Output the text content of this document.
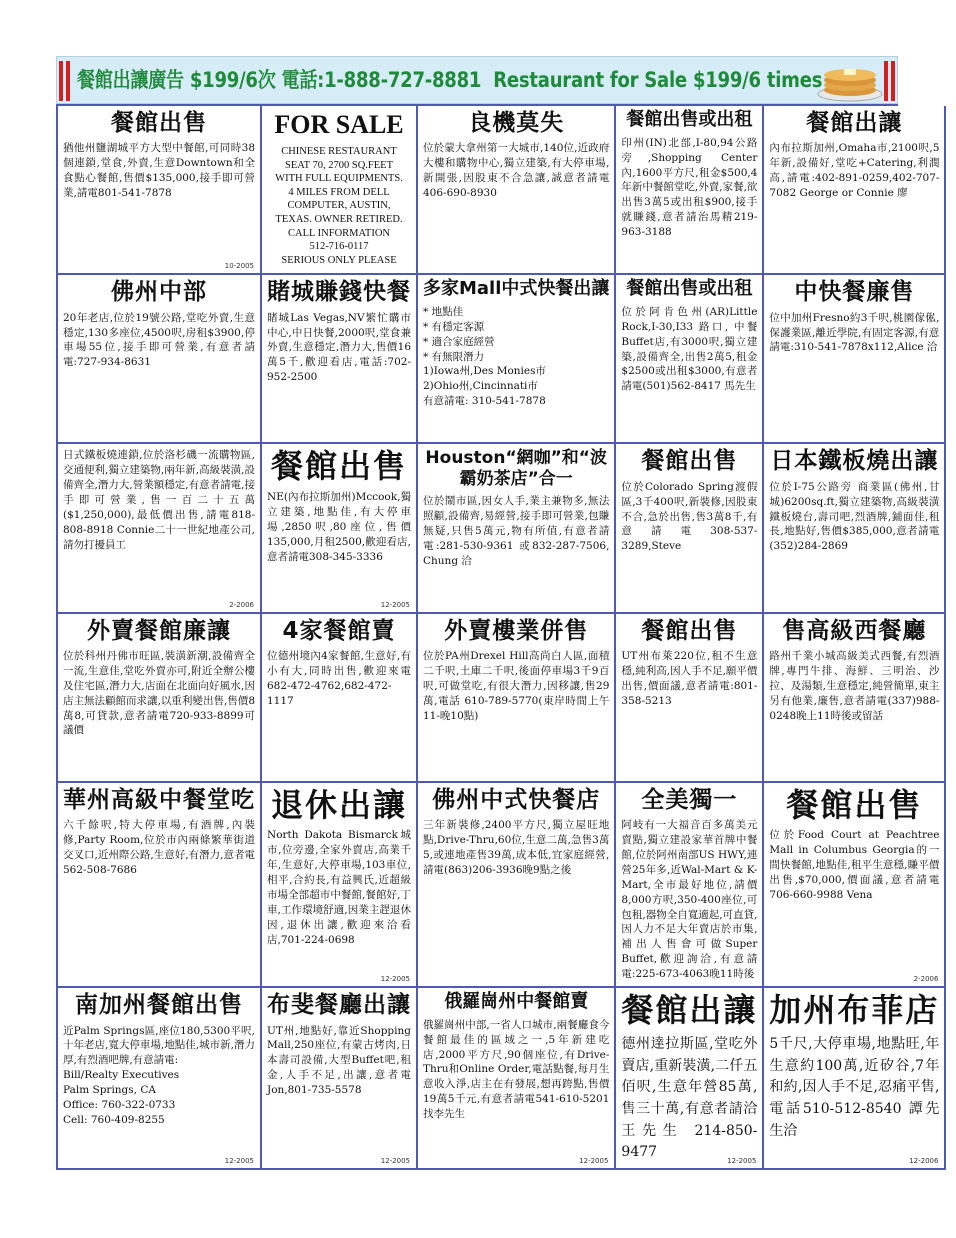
餐館出讓廣告 $199/6次 電話:1-888-727-8881 Restaurant for Sale $199/6 times
餐館出售
猶他州鹽湖城平方大型中餐館,可同時38個連鎖,堂食,外賣,生意Downtown和全食點心餐館,售價$135,000,接手即可營業,請電801-541-7878
10-2005
FOR SALE
CHINESE RESTAURANT
SEAT 70, 2700 SQ.FEET
WITH FULL EQUIPMENTS.
4 MILES FROM DELL
COMPUTER, AUSTIN,
TEXAS. OWNER RETIRED.
CALL INFORMATION
512-716-0117
SERIOUS ONLY PLEASE
良機莫失
位於蒙大拿州第一大城市,140位,近政府大樓和購物中心,獨立建築,有大停車場,新開張,因股東不合急讓,誠意者請電406-690-8930
餐館出售或出租
印州(IN)北部,I-80,94公路旁,Shopping Center內,1600平方尺,租金$500,4年新中餐館堂吃,外賣,家餐,欲出售3萬5或出租$900,接手就賺錢,意者請治馬精219-963-3188
餐館出讓
內布拉斯加州,Omaha市,2100呎,5年新,設備好,堂吃+Catering,利潤高,請電:402-891-0259,402-707-7082 George or Connie 廖
佛州中部
20年老店,位於19號公路,堂吃外賣,生意穩定,130多座位,4500呎,房租$3900,停車場55位,接手即可營業,有意者請電:727-934-8631
賭城賺錢快餐
賭城Las Vegas,NV繁忙購市中心,中日快餐,2000呎,堂食兼外賣,生意穩定,潛力大,售價16萬5千,歡迎看店,電話:702-952-2500
多家Mall中式快餐出讓
* 地點佳
* 有穩定客源
* 適合家庭經營
* 有無限潛力
1)Iowa州,Des Monies市
2)Ohio州,Cincinnati市
有意請電: 310-541-7878
餐館出售或出租
位於阿肯色州(AR)Little Rock,I-30,I33 路口, 中餐Buffet店,有3000呎,獨立建築,設備齊全,出售2萬5,租金$2500或出租$3000,有意者請電(501)562-8417 馬先生
中快餐廉售
位中加州Fresno約3千呎,桃園傢俬,保護業區,離近學院,有固定客源,有意請電:310-541-7878x112,Alice 洽
日式鐵板燒連鎖,位於洛杉磯一流購物區,交通便利,獨立建築物,兩年新,高級裝潢,設備齊全,潛力大,營業額穩定,有意者請電,接手即可營業,售一百二十五萬($1,250,000),最低價出售,請電818-808-8918 Connie二十一世紀地產公司,請勿打擾員工
2-2006
餐館出售
NE(內布拉斯加州)Mccook,獨立建築,地點佳,有大停車場,2850呎,80座位,售價135,000,月租2500,歡迎看店,意者請電308-345-3336
12-2005
Houston“網咖”和“波霸奶茶店”合一
位於鬧市區,因女人手,業主兼物多,無法照顧,設備齊,易經營,接手即可營業,包賺無疑,只售5萬元,物有所值,有意者請電:281-530-9361 或832-287-7506, Chung 洽
餐館出售
位於Colorado Spring渡假區,3千400呎,新裝修,因股東不合,急於出售,售3萬8千,有意請電308-537-3289,Steve
日本鐵板燒出讓
位於I-75公路旁 商業區(佛州,甘城)6200sq.ft,獨立建築物,高級裝潢鐵板燒台,壽司吧,烈酒牌,鋪面佳,租長,地點好,售價$385,000,意者請電(352)284-2869
外賣餐館廉讓
位於科州丹佛市旺區,裝潢新潮,設備齊全一流,生意佳,堂吃外賣亦可,附近全辦公樓及住宅區,潛力大,店面在北面向好風水,因店主無法顧館而求讓,以重利變出售,售價8萬8,可貸款,意者請電720-933-8899可議價
4家餐館賣
位德州境內4家餐館,生意好,有小有大,同時出售,歡迎來電682-472-4762,682-472-1117
外賣樓業併售
位於PA州Drexel Hill高尚白人區,面積二千呎,土庫二千呎,後面停車場3千9百呎,可做堂吃,有很大潛力,因移讓,售29萬,電話 610-789-5770(東岸時間上午11-晚10點)
餐館出售
UT州布萊220位,租不生意穩,純利高,因人手不足,願平價出售,價面議,意者請電:801-358-5213
售高級西餐廳
路州千業小城高級美式西餐,有烈酒牌,專門牛排、海鮮、三明治、沙拉、及湯類,生意穩定,純營簡單,東主另有他業,廉售,意者請電(337)988-0248晚上11時後或留話
華州高級中餐堂吃
六千餘呎,特大停車場,有酒牌,內裝修,Party Room,位於市內兩條繁華街道交叉口,近州際公路,生意好,有潛力,意者電562-508-7686
退休出讓
North Dakota Bismarck城市,位旁邊,全家外賣店,高業千年,生意好,大停車場,103車位,相平,合約長,有益興氏,近超級市場全部超市中餐館,餐館好,丁車,工作環境舒適,因業主趕退休因,退休出讓,歡迎來洽看店,701-224-0698
12-2005
佛州中式快餐店
三年新裝修,2400平方尺,獨立屋旺地點,Drive-Thru,60位,生意二萬,急售3萬5,或連地產售39萬,成本低,宜家庭經營,請電(863)206-3936晚9點之後
全美獨一
阿岐有一大福音百多萬美元賣點,獨立建設家華首牌中餐館,位於阿州南部US HWY,連營25年多,近Wal-Mart & K-Mart,全市最好地位,請價8,000方呎,350-400座位,可包租,器物全自寬適起,可直貸,因人力不足大年賣店於市集,補出人售會可做Super Buffet,歡迎詢洽,有意請電:225-673-4063晚11時後
餐館出售
位於Food Court at Peachtree Mall in Columbus Georgia的一間快餐館,地點佳,租平生意穩,賺平價出售,$70,000,價面議,意者請電706-660-9988 Vena
2-2006
南加州餐館出售
近Palm Springs區,座位180,5300平呎,十年老店,寬大停車場,地點佳,城市新,潛力厚,有烈酒吧牌,有意請電:
Bill/Realty Executives
Palm Springs, CA
Office: 760-322-0733
Cell: 760-409-8255
12-2005
布斐餐廳出讓
UT州,地點好,靠近Shopping Mall,250座位,有蒙古烤肉,日本壽司設備,大型Buffet吧,租金,人手不足,出讓,意者電Jon,801-735-5578
12-2005
俄羅崗州中餐館賣
俄羅崗州中部,一省人口城市,兩餐廳食今餐館最佳的區域之一,5年新建吃店,2000平方尺,90個座位,有Drive-Thru和Online Order,電話點餐,每月生意收入淨,店主在有發展,想再跨點,售價19萬5千元,有意者請電541-610-5201找李先生
12-2005
餐館出讓
德州達拉斯區,堂吃外賣店,重新裝潢,二仟五佰呎,生意年營85萬,售三十萬,有意者請洽王先生 214-850-9477
12-2005
加州布菲店
5千尺,大停車場,地點旺,年生意約100萬,近矽谷,7年和約,因人手不足,忍痛平售,電話510-512-8540 譚先生洽
12-2006
